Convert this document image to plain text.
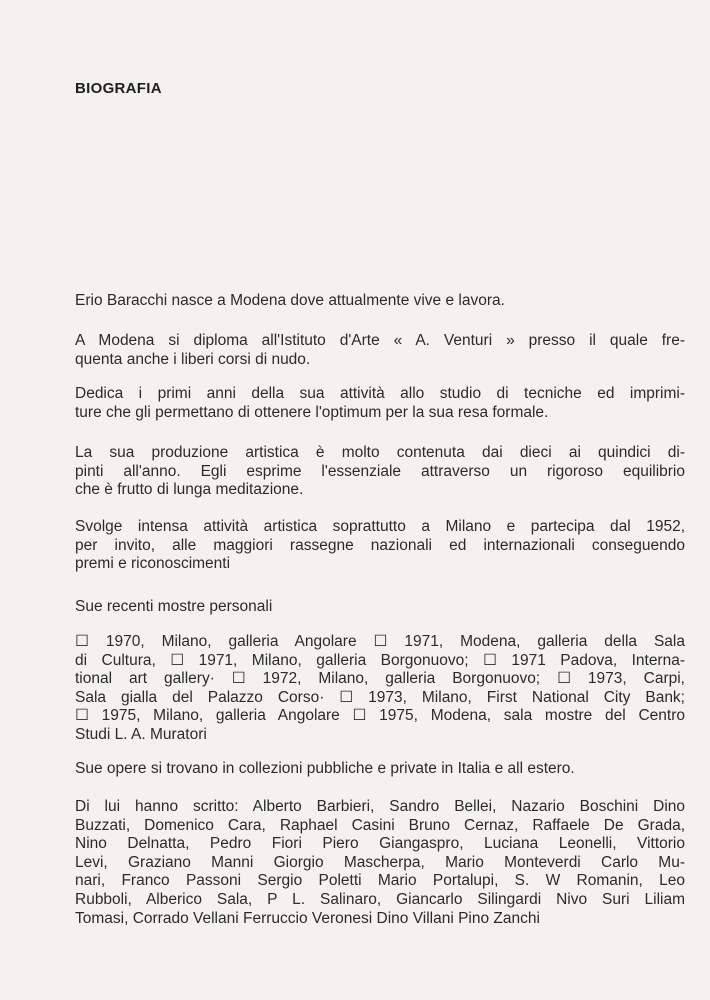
BIOGRAFIA
Erio Baracchi nasce a Modena dove attualmente vive e lavora.
A Modena si diploma all'Istituto d'Arte « A. Venturi » presso il quale fre-
quenta anche i liberi corsi di nudo.
Dedica i primi anni della sua attività allo studio di tecniche ed imprimi-
ture che gli permettano di ottenere l'optimum per la sua resa formale.
La sua produzione artistica è molto contenuta dai dieci ai quindici di-
pinti all'anno. Egli esprime l'essenziale attraverso un rigoroso equilibrio
che è frutto di lunga meditazione.
Svolge intensa attività artistica soprattutto a Milano e partecipa dal 1952,
per invito, alle maggiori rassegne nazionali ed internazionali conseguendo
premi e riconoscimenti
Sue recenti mostre personali
☐ 1970, Milano, galleria Angolare ☐ 1971, Modena, galleria della Sala
di Cultura, ☐ 1971, Milano, galleria Borgonuovo; ☐ 1971 Padova, Interna-
tional art gallery· ☐ 1972, Milano, galleria Borgonuovo; ☐ 1973, Carpi,
Sala gialla del Palazzo Corso· ☐ 1973, Milano, First National City Bank;
☐ 1975, Milano, galleria Angolare ☐ 1975, Modena, sala mostre del Centro
Studi L. A. Muratori
Sue opere si trovano in collezioni pubbliche e private in Italia e all estero.
Di lui hanno scritto: Alberto Barbieri, Sandro Bellei, Nazario Boschini Dino
Buzzati, Domenico Cara, Raphael Casini Bruno Cernaz, Raffaele De Grada,
Nino Delnatta, Pedro Fiori Piero Giangaspro, Luciana Leonelli, Vittorio
Levi, Graziano Manni Giorgio Mascherpa, Mario Monteverdi Carlo Mu-
nari, Franco Passoni Sergio Poletti Mario Portalupi, S. W Romanin, Leo
Rubboli, Alberico Sala, P L. Salinaro, Giancarlo Silingardi Nivo Suri Liliam
Tomasi, Corrado Vellani Ferruccio Veronesi Dino Villani Pino Zanchi
